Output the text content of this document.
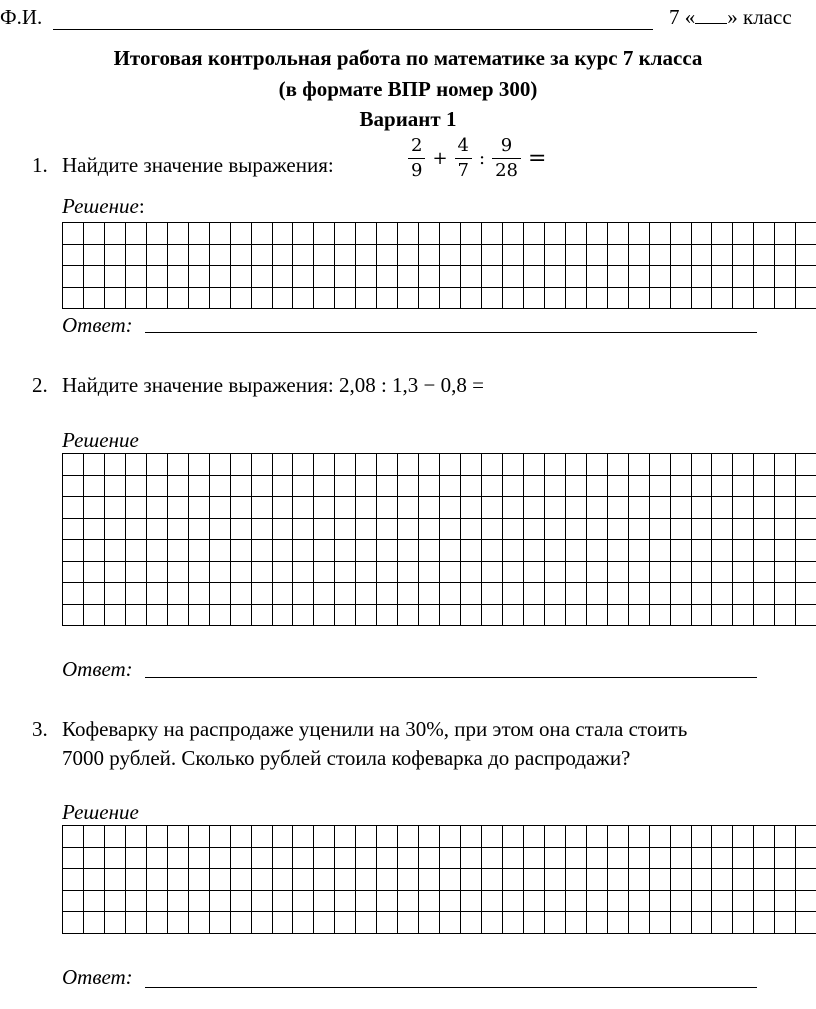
Ф.И.	7 « » класс
Итоговая контрольная работа по математике за курс 7 класса
(в формате ВПР номер 300)
Вариант 1
1. Найдите значение выражения:	$\frac{2}{9} + \frac{4}{7}$ : $\frac{9}{28}$ =
Решение:
Ответ:
2. Найдите значение выражения: 2,08 : 1,3 − 0,8 =
Решение
Ответ:
3. Кофеварку на распродаже уценили на 30%, при этом она стала стоить
7000 рублей. Сколько рублей стоила кофеварка до распродажи?
Решение
Ответ:
